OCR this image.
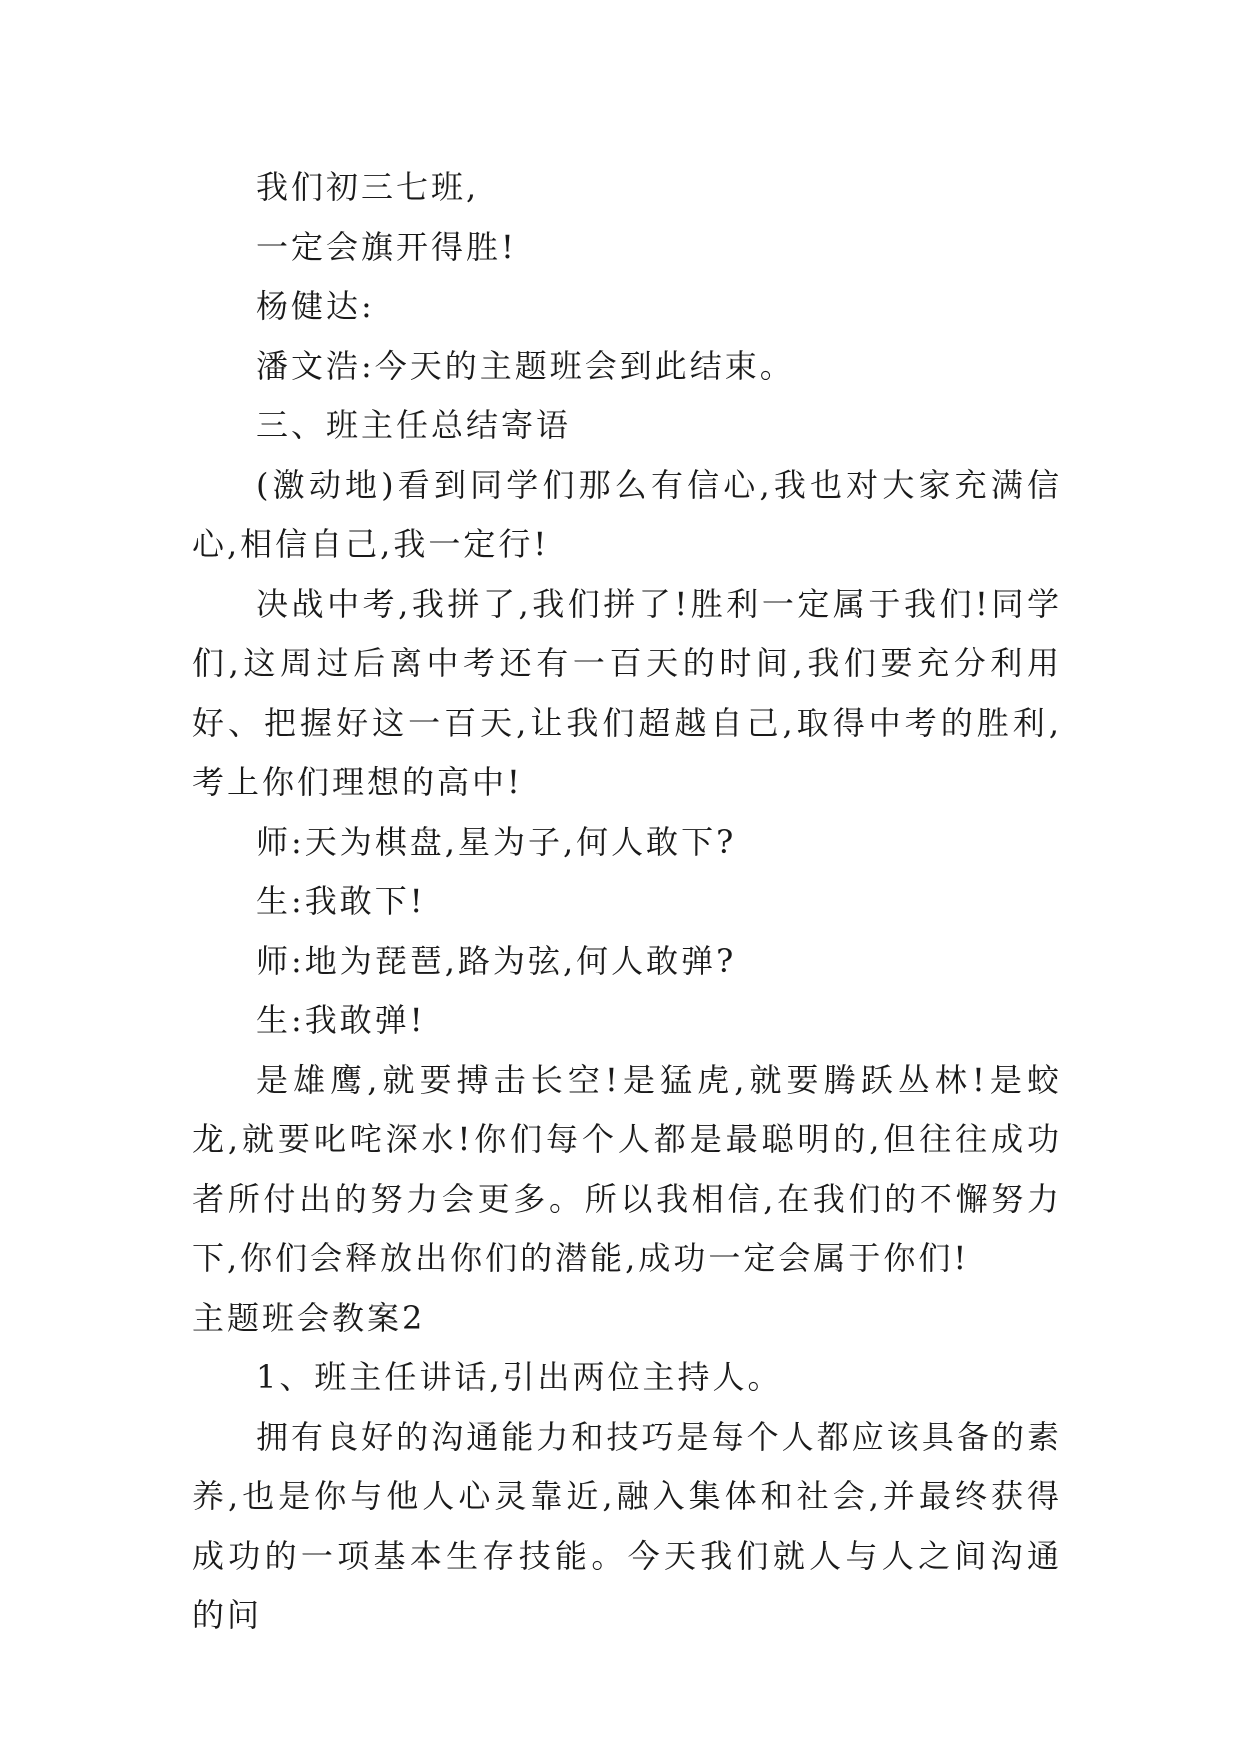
我们初三七班,

一定会旗开得胜!

杨健达:

潘文浩:今天的主题班会到此结束。

三、班主任总结寄语

(激动地)看到同学们那么有信心,我也对大家充满信心,相信自己,我一定行!

决战中考,我拼了,我们拼了!胜利一定属于我们!同学们,这周过后离中考还有一百天的时间,我们要充分利用好、把握好这一百天,让我们超越自己,取得中考的胜利,考上你们理想的高中!

师:天为棋盘,星为子,何人敢下?

生:我敢下!

师:地为琵琶,路为弦,何人敢弹?

生:我敢弹!

是雄鹰,就要搏击长空!是猛虎,就要腾跃丛林!是蛟龙,就要叱咤深水!你们每个人都是最聪明的,但往往成功者所付出的努力会更多。所以我相信,在我们的不懈努力下,你们会释放出你们的潜能,成功一定会属于你们!

主题班会教案2

1、班主任讲话,引出两位主持人。

拥有良好的沟通能力和技巧是每个人都应该具备的素养,也是你与他人心灵靠近,融入集体和社会,并最终获得成功的一项基本生存技能。今天我们就人与人之间沟通的问
